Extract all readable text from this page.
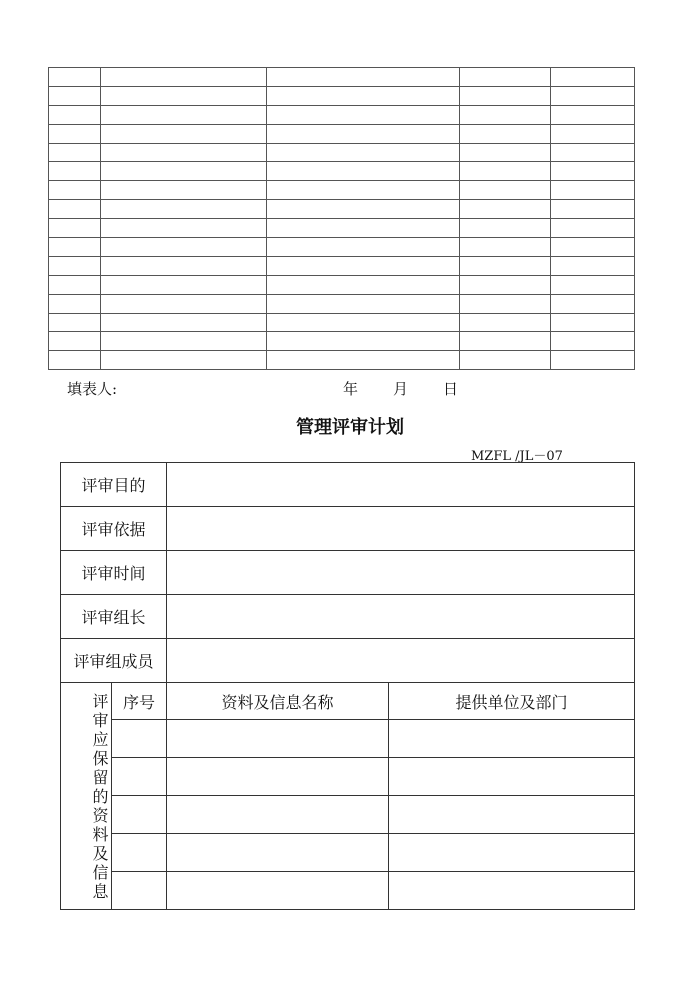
填表人:	年 月 日
管理评审计划
MZFL /JL－07
评审目的			
评审依据			
评审时间			
评审组长			
评审组成员			
评审应保留的资料及信息	序号	资料及信息名称	提供单位及部门
